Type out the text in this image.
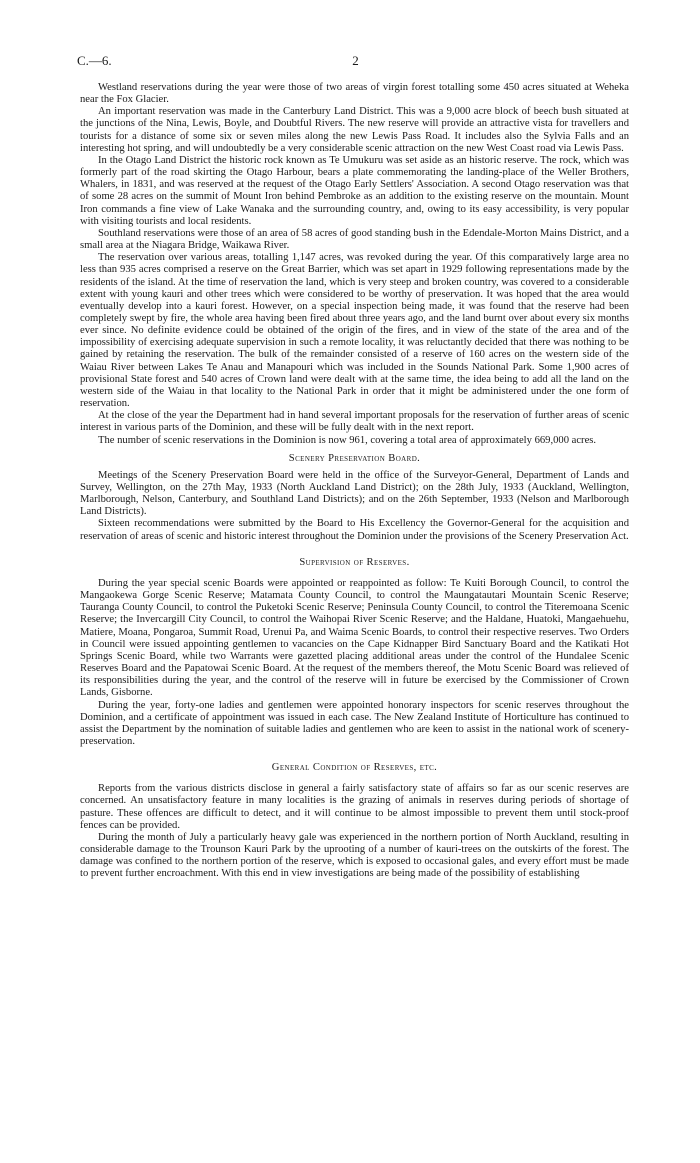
C.—6.	2

Westland reservations during the year were those of two areas of virgin forest totalling some 450 acres situated at Weheka near the Fox Glacier.

An important reservation was made in the Canterbury Land District. This was a 9,000 acre block of beech bush situated at the junctions of the Nina, Lewis, Boyle, and Doubtful Rivers. The new reserve will provide an attractive vista for travellers and tourists for a distance of some six or seven miles along the new Lewis Pass Road. It includes also the Sylvia Falls and an interesting hot spring, and will undoubtedly be a very considerable scenic attraction on the new West Coast road via Lewis Pass.

In the Otago Land District the historic rock known as Te Umukuru was set aside as an historic reserve. The rock, which was formerly part of the road skirting the Otago Harbour, bears a plate commemorating the landing-place of the Weller Brothers, Whalers, in 1831, and was reserved at the request of the Otago Early Settlers' Association. A second Otago reservation was that of some 28 acres on the summit of Mount Iron behind Pembroke as an addition to the existing reserve on the mountain. Mount Iron commands a fine view of Lake Wanaka and the surrounding country, and, owing to its easy accessibility, is very popular with visiting tourists and local residents.

Southland reservations were those of an area of 58 acres of good standing bush in the Edendale-Morton Mains District, and a small area at the Niagara Bridge, Waikawa River.

The reservation over various areas, totalling 1,147 acres, was revoked during the year. Of this comparatively large area no less than 935 acres comprised a reserve on the Great Barrier, which was set apart in 1929 following representations made by the residents of the island. At the time of reservation the land, which is very steep and broken country, was covered to a considerable extent with young kauri and other trees which were considered to be worthy of preservation. It was hoped that the area would eventually develop into a kauri forest. However, on a special inspection being made, it was found that the reserve had been completely swept by fire, the whole area having been fired about three years ago, and the land burnt over about every six months ever since. No definite evidence could be obtained of the origin of the fires, and in view of the state of the area and of the impossibility of exercising adequate supervision in such a remote locality, it was reluctantly decided that there was nothing to be gained by retaining the reservation. The bulk of the remainder consisted of a reserve of 160 acres on the western side of the Waiau River between Lakes Te Anau and Manapouri which was included in the Sounds National Park. Some 1,900 acres of provisional State forest and 540 acres of Crown land were dealt with at the same time, the idea being to add all the land on the western side of the Waiau in that locality to the National Park in order that it might be administered under the one form of reservation.

At the close of the year the Department had in hand several important proposals for the reservation of further areas of scenic interest in various parts of the Dominion, and these will be fully dealt with in the next report.

The number of scenic reservations in the Dominion is now 961, covering a total area of approximately 669,000 acres.

Scenery Preservation Board.

Meetings of the Scenery Preservation Board were held in the office of the Surveyor-General, Department of Lands and Survey, Wellington, on the 27th May, 1933 (North Auckland Land District); on the 28th July, 1933 (Auckland, Wellington, Marlborough, Nelson, Canterbury, and Southland Land Districts); and on the 26th September, 1933 (Nelson and Marlborough Land Districts).

Sixteen recommendations were submitted by the Board to His Excellency the Governor-General for the acquisition and reservation of areas of scenic and historic interest throughout the Dominion under the provisions of the Scenery Preservation Act.

Supervision of Reserves.

During the year special scenic Boards were appointed or reappointed as follow: Te Kuiti Borough Council, to control the Mangaokewa Gorge Scenic Reserve; Matamata County Council, to control the Maungatautari Mountain Scenic Reserve; Tauranga County Council, to control the Puketoki Scenic Reserve; Peninsula County Council, to control the Titeremoana Scenic Reserve; the Invercargill City Council, to control the Waihopai River Scenic Reserve; and the Haldane, Huatoki, Mangaehuehu, Matiere, Moana, Pongaroa, Summit Road, Urenui Pa, and Waima Scenic Boards, to control their respective reserves. Two Orders in Council were issued appointing gentlemen to vacancies on the Cape Kidnapper Bird Sanctuary Board and the Katikati Hot Springs Scenic Board, while two Warrants were gazetted placing additional areas under the control of the Hundalee Scenic Reserves Board and the Papatowai Scenic Board. At the request of the members thereof, the Motu Scenic Board was relieved of its responsibilities during the year, and the control of the reserve will in future be exercised by the Commissioner of Crown Lands, Gisborne.

During the year, forty-one ladies and gentlemen were appointed honorary inspectors for scenic reserves throughout the Dominion, and a certificate of appointment was issued in each case. The New Zealand Institute of Horticulture has continued to assist the Department by the nomination of suitable ladies and gentlemen who are keen to assist in the national work of scenery-preservation.

General Condition of Reserves, etc.

Reports from the various districts disclose in general a fairly satisfactory state of affairs so far as our scenic reserves are concerned. An unsatisfactory feature in many localities is the grazing of animals in reserves during periods of shortage of pasture. These offences are difficult to detect, and it will continue to be almost impossible to prevent them until stock-proof fences can be provided.

During the month of July a particularly heavy gale was experienced in the northern portion of North Auckland, resulting in considerable damage to the Trounson Kauri Park by the uprooting of a number of kauri-trees on the outskirts of the forest. The damage was confined to the northern portion of the reserve, which is exposed to occasional gales, and every effort must be made to prevent further encroachment. With this end in view investigations are being made of the possibility of establishing
